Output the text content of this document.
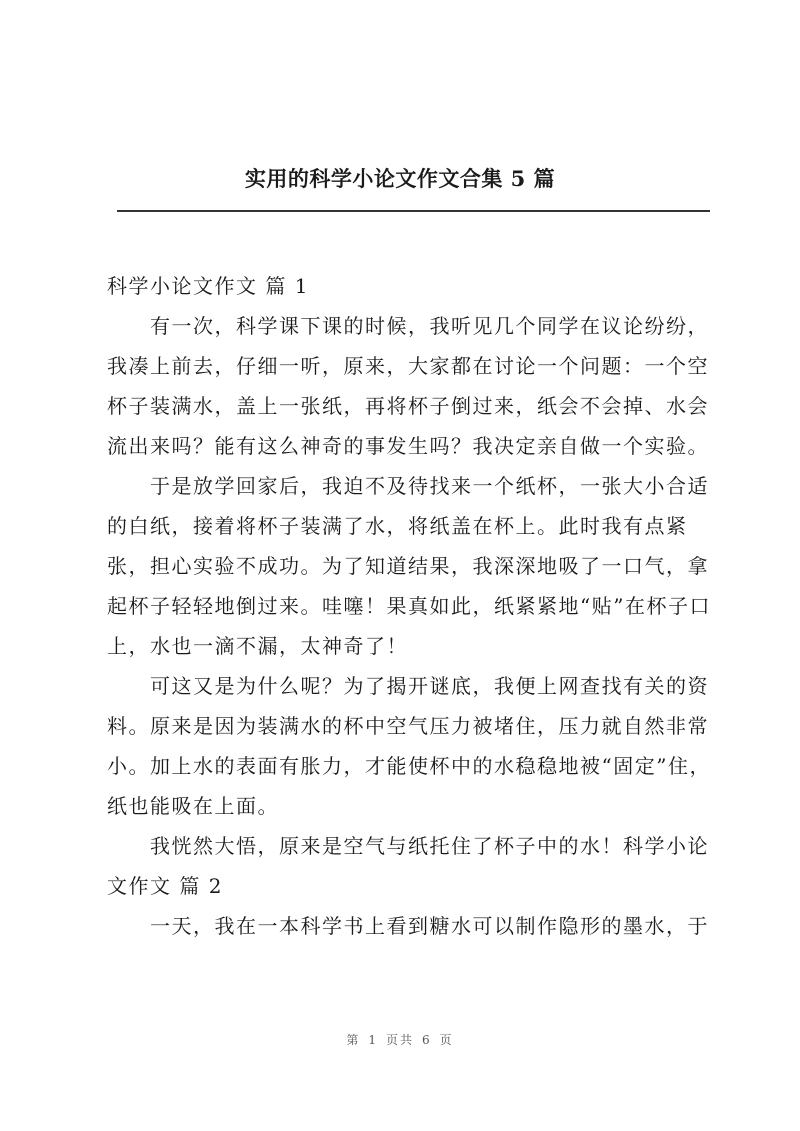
实用的科学小论文作文合集 5 篇

科学小论文作文 篇 1

有一次，科学课下课的时候，我听见几个同学在议论纷纷，我凑上前去，仔细一听，原来，大家都在讨论一个问题：一个空杯子装满水，盖上一张纸，再将杯子倒过来，纸会不会掉、水会流出来吗？能有这么神奇的事发生吗？我决定亲自做一个实验。

于是放学回家后，我迫不及待找来一个纸杯，一张大小合适的白纸，接着将杯子装满了水，将纸盖在杯上。此时我有点紧张，担心实验不成功。为了知道结果，我深深地吸了一口气，拿起杯子轻轻地倒过来。哇噻！果真如此，纸紧紧地“贴”在杯子口上，水也一滴不漏，太神奇了！

可这又是为什么呢？为了揭开谜底，我便上网查找有关的资料。原来是因为装满水的杯中空气压力被堵住，压力就自然非常小。加上水的表面有胀力，才能使杯中的水稳稳地被“固定”住，纸也能吸在上面。

我恍然大悟，原来是空气与纸托住了杯子中的水！科学小论文作文 篇 2

一天，我在一本科学书上看到糖水可以制作隐形的墨水，于

第 1 页共 6 页
